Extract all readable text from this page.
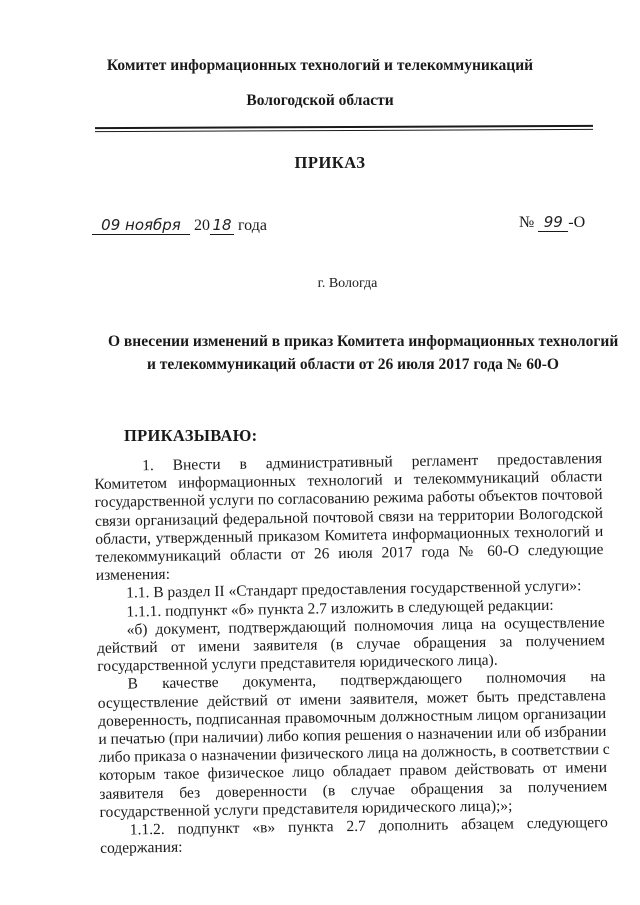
Комитет информационных технологий и телекоммуникаций
Вологодской области
ПРИКАЗ
09 ноября 20 18 года	№ 99 -О
г. Вологда
О внесении изменений в приказ Комитета информационных технологий
и телекоммуникаций области от 26 июля 2017 года № 60-О
ПРИКАЗЫВАЮ:
1. Внести в административный регламент предоставления
Комитетом информационных технологий и телекоммуникаций области
государственной услуги по согласованию режима работы объектов почтовой
связи организаций федеральной почтовой связи на территории Вологодской
области, утвержденный приказом Комитета информационных технологий и
телекоммуникаций области от 26 июля 2017 года № 60-О следующие
изменения:
1.1. В раздел II «Стандарт предоставления государственной услуги»:
1.1.1. подпункт «б» пункта 2.7 изложить в следующей редакции:
«б) документ, подтверждающий полномочия лица на осуществление
действий от имени заявителя (в случае обращения за получением
государственной услуги представителя юридического лица).
В качестве документа, подтверждающего полномочия на
осуществление действий от имени заявителя, может быть представлена
доверенность, подписанная правомочным должностным лицом организации
и печатью (при наличии) либо копия решения о назначении или об избрании
либо приказа о назначении физического лица на должность, в соответствии с
которым такое физическое лицо обладает правом действовать от имени
заявителя без доверенности (в случае обращения за получением
государственной услуги представителя юридического лица);»;
1.1.2. подпункт «в» пункта 2.7 дополнить абзацем следующего
содержания:
